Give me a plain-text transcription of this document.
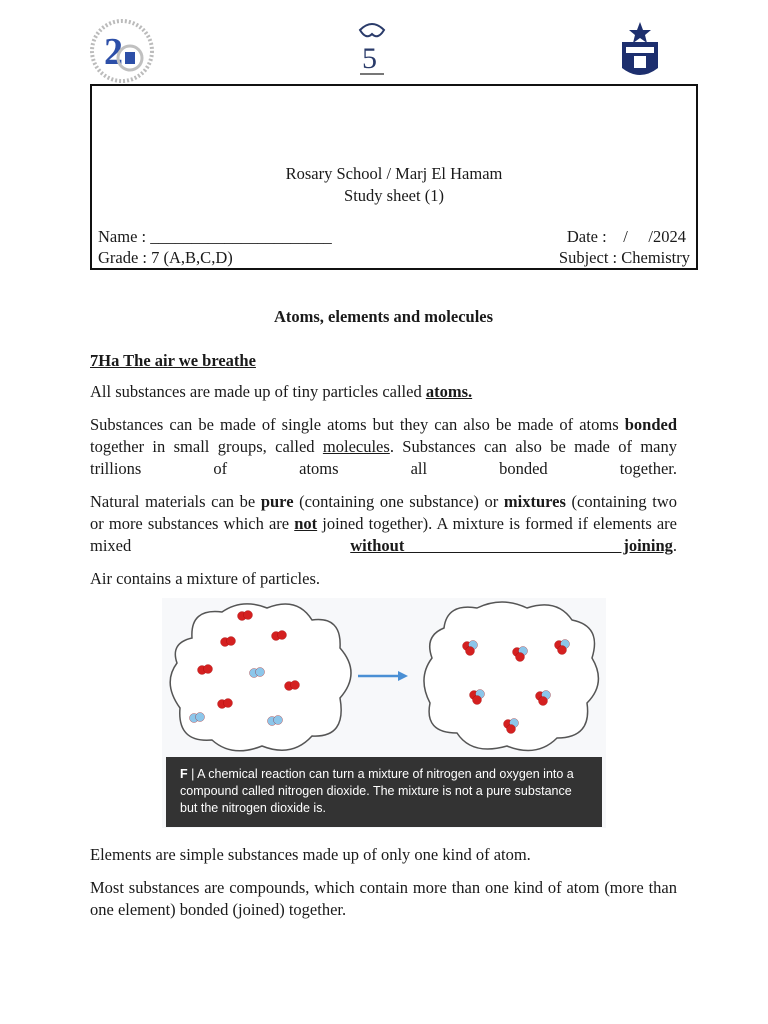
2	5
Rosary School / Marj El Hamam
Study sheet (1)
Name : ______________________
Grade : 7 (A,B,C,D)
Date :    /     /2024
Subject : Chemistry
Atoms, elements and molecules
7Ha The air we breathe
All substances are made up of tiny particles called atoms.
Substances can be made of single atoms but they can also be made of atoms bonded together in small groups, called molecules. Substances can also be made of many trillions of atoms all bonded together.
Natural materials can be pure (containing one substance) or mixtures (containing two or more substances which are not joined together). A mixture is formed if elements are mixed without joining.
Air contains a mixture of particles.
F | A chemical reaction can turn a mixture of nitrogen and oxygen into a compound called nitrogen dioxide. The mixture is not a pure substance but the nitrogen dioxide is.
Elements are simple substances made up of only one kind of atom.
Most substances are compounds, which contain more than one kind of atom (more than one element) bonded (joined) together.
